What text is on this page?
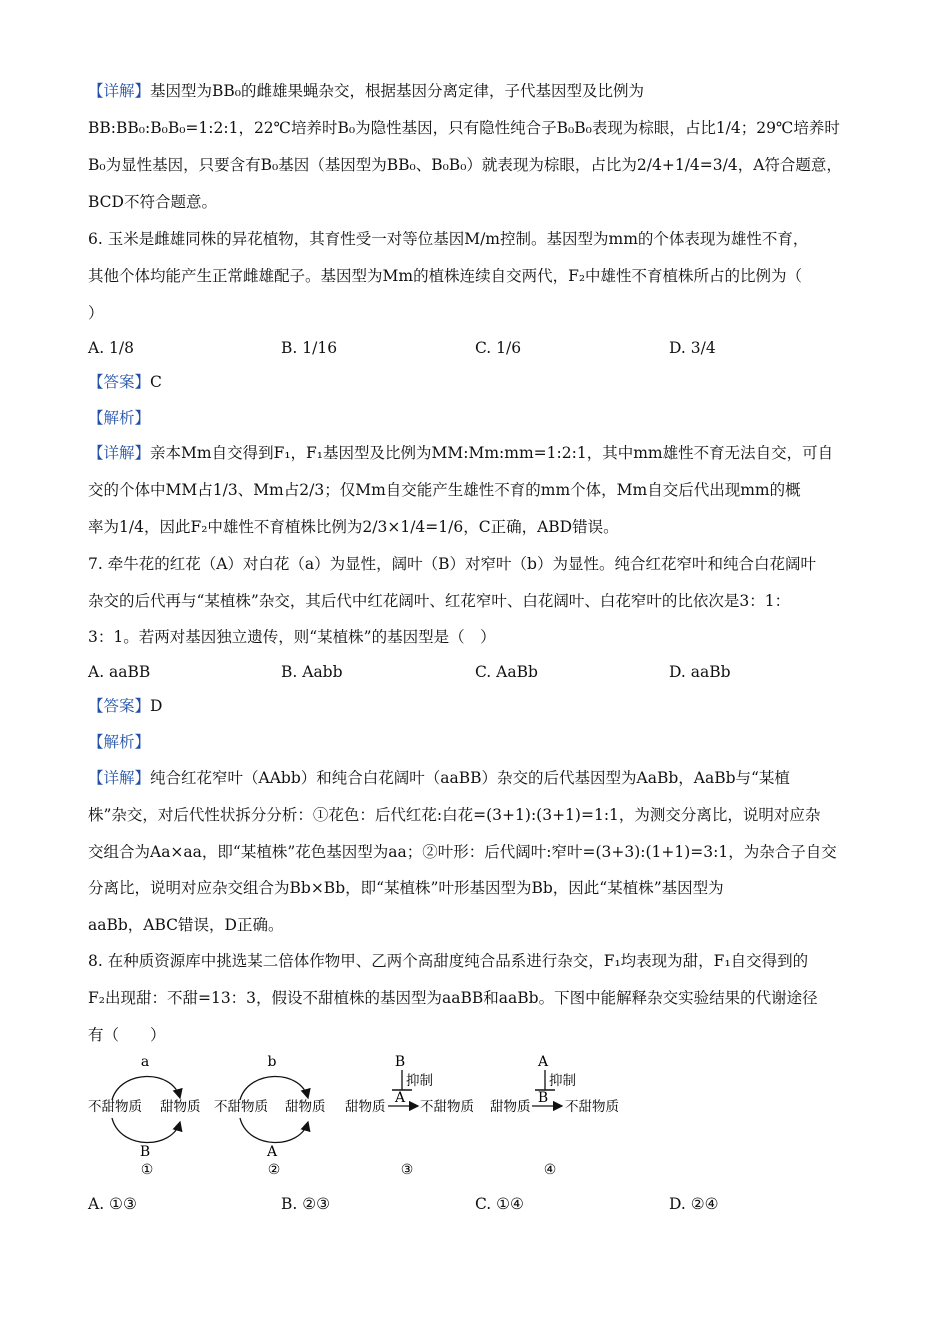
【详解】基因型为BB₀的雌雄果蝇杂交，根据基因分离定律，子代基因型及比例为
BB:BB₀:B₀B₀=1:2:1，22℃培养时B₀为隐性基因，只有隐性纯合子B₀B₀表现为棕眼，占比1/4；29℃培养时
B₀为显性基因，只要含有B₀基因（基因型为BB₀、B₀B₀）就表现为棕眼，占比为2/4+1/4=3/4，A符合题意，
BCD不符合题意。
6. 玉米是雌雄同株的异花植物，其育性受一对等位基因M/m控制。基因型为mm的个体表现为雄性不育，
其他个体均能产生正常雌雄配子。基因型为Mm的植株连续自交两代，F₂中雄性不育植株所占的比例为（
）
A. 1/8	B. 1/16	C. 1/6	D. 3/4
【答案】C
【解析】
【详解】亲本Mm自交得到F₁，F₁基因型及比例为MM:Mm:mm=1:2:1，其中mm雄性不育无法自交，可自
交的个体中MM占1/3、Mm占2/3；仅Mm自交能产生雄性不育的mm个体，Mm自交后代出现mm的概
率为1/4，因此F₂中雄性不育植株比例为2/3×1/4=1/6，C正确，ABD错误。
7. 牵牛花的红花（A）对白花（a）为显性，阔叶（B）对窄叶（b）为显性。纯合红花窄叶和纯合白花阔叶
杂交的后代再与“某植株”杂交，其后代中红花阔叶、红花窄叶、白花阔叶、白花窄叶的比依次是3：1：
3：1。若两对基因独立遗传，则“某植株”的基因型是（　）
A. aaBB	B. Aabb	C. AaBb	D. aaBb
【答案】D
【解析】
【详解】纯合红花窄叶（AAbb）和纯合白花阔叶（aaBB）杂交的后代基因型为AaBb，AaBb与“某植
株”杂交，对后代性状拆分分析：①花色：后代红花:白花=(3+1):(3+1)=1:1，为测交分离比，说明对应杂
交组合为Aa×aa，即“某植株”花色基因型为aa；②叶形：后代阔叶:窄叶=(3+3):(1+1)=3:1，为杂合子自交
分离比，说明对应杂交组合为Bb×Bb，即“某植株”叶形基因型为Bb，因此“某植株”基因型为
aaBb，ABC错误，D正确。
8. 在种质资源库中挑选某二倍体作物甲、乙两个高甜度纯合品系进行杂交，F₁均表现为甜，F₁自交得到的
F₂出现甜：不甜=13：3，假设不甜植株的基因型为aaBB和aaBb。下图中能解释杂交实验结果的代谢途径
有（　　）
a
不甜物质 甜物质
B
①
b
不甜物质 甜物质
A
②
B
抑制
A
甜物质	不甜物质
③
A
抑制
B
甜物质	不甜物质
④
A. ①③	B. ②③	C. ①④	D. ②④
